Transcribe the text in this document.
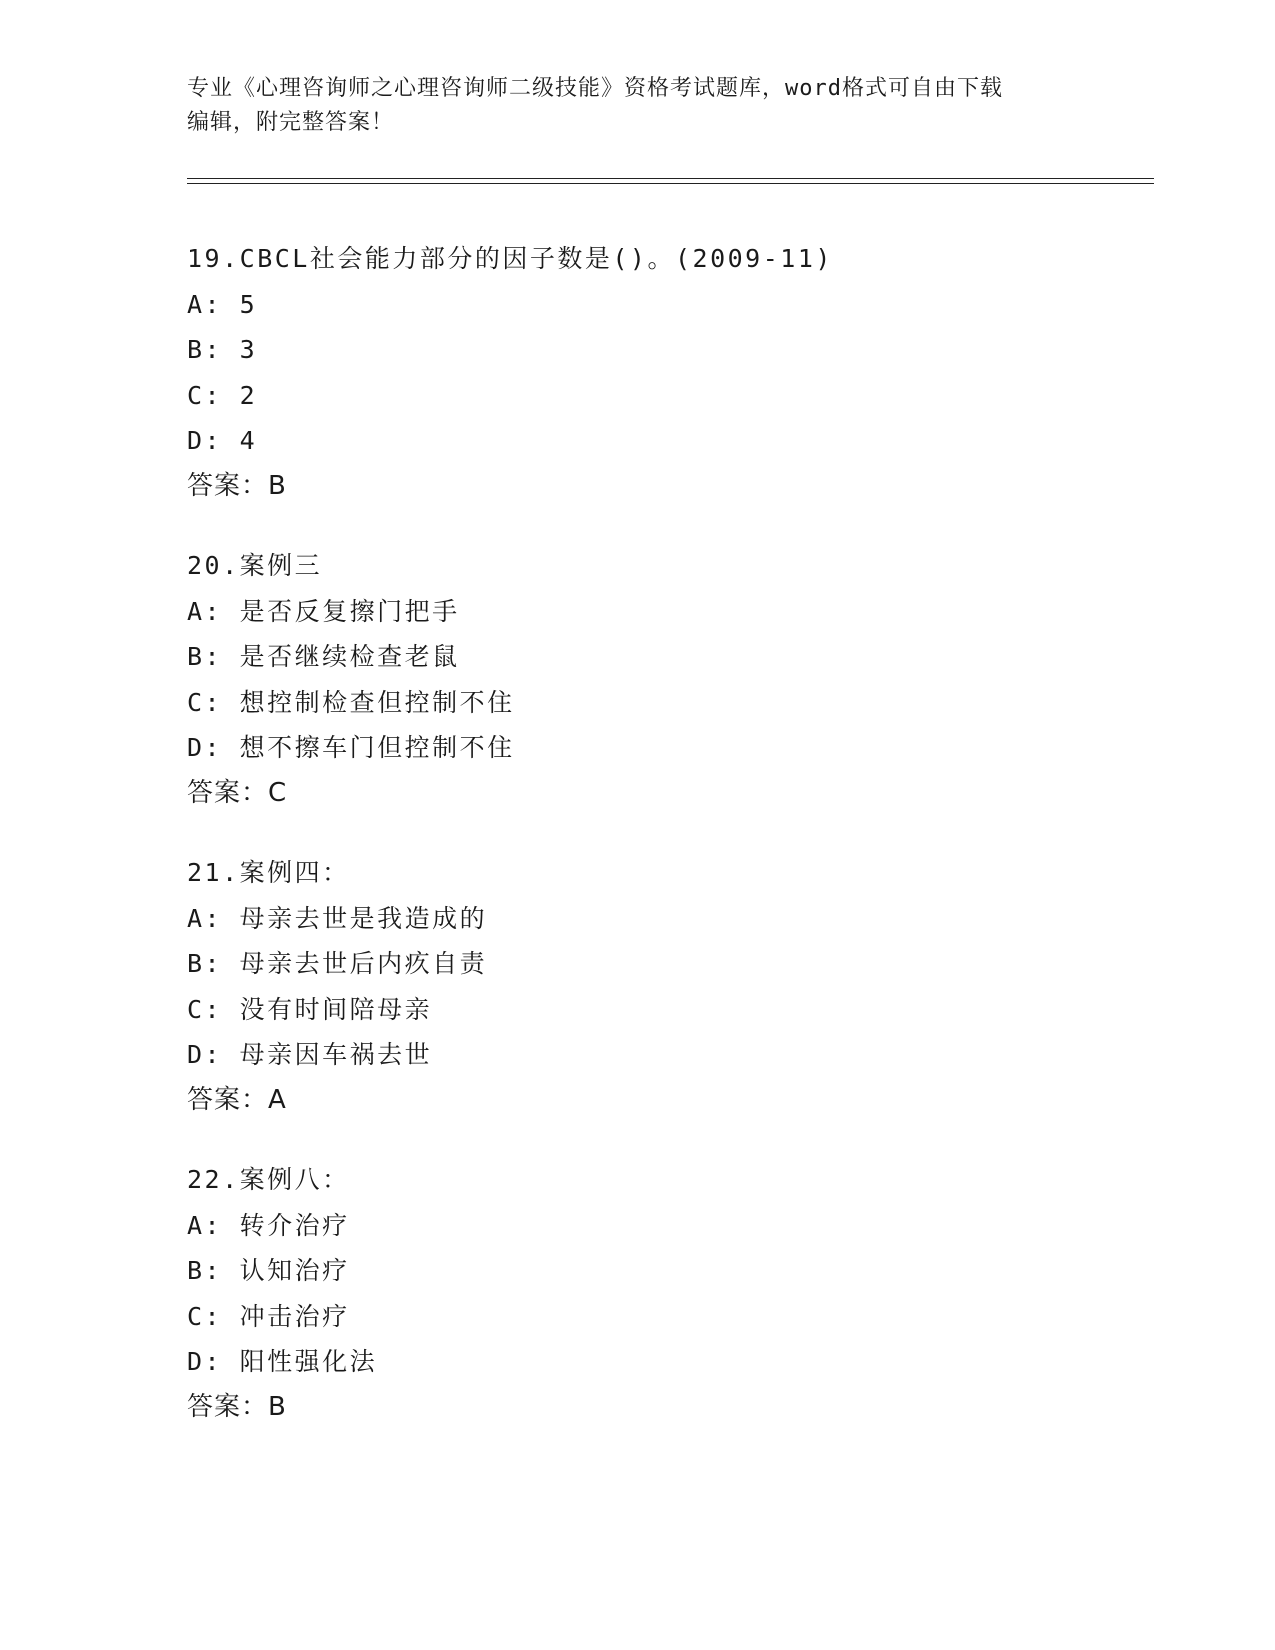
专业《心理咨询师之心理咨询师二级技能》资格考试题库，word格式可自由下载
编辑，附完整答案！
19.CBCL社会能力部分的因子数是()。(2009-11)
A: 5
B: 3
C: 2
D: 4
答案：B
20.案例三
A: 是否反复擦门把手
B: 是否继续检查老鼠
C: 想控制检查但控制不住
D: 想不擦车门但控制不住
答案：C
21.案例四：
A: 母亲去世是我造成的
B: 母亲去世后内疚自责
C: 没有时间陪母亲
D: 母亲因车祸去世
答案：A
22.案例八：
A: 转介治疗
B: 认知治疗
C: 冲击治疗
D: 阳性强化法
答案：B
